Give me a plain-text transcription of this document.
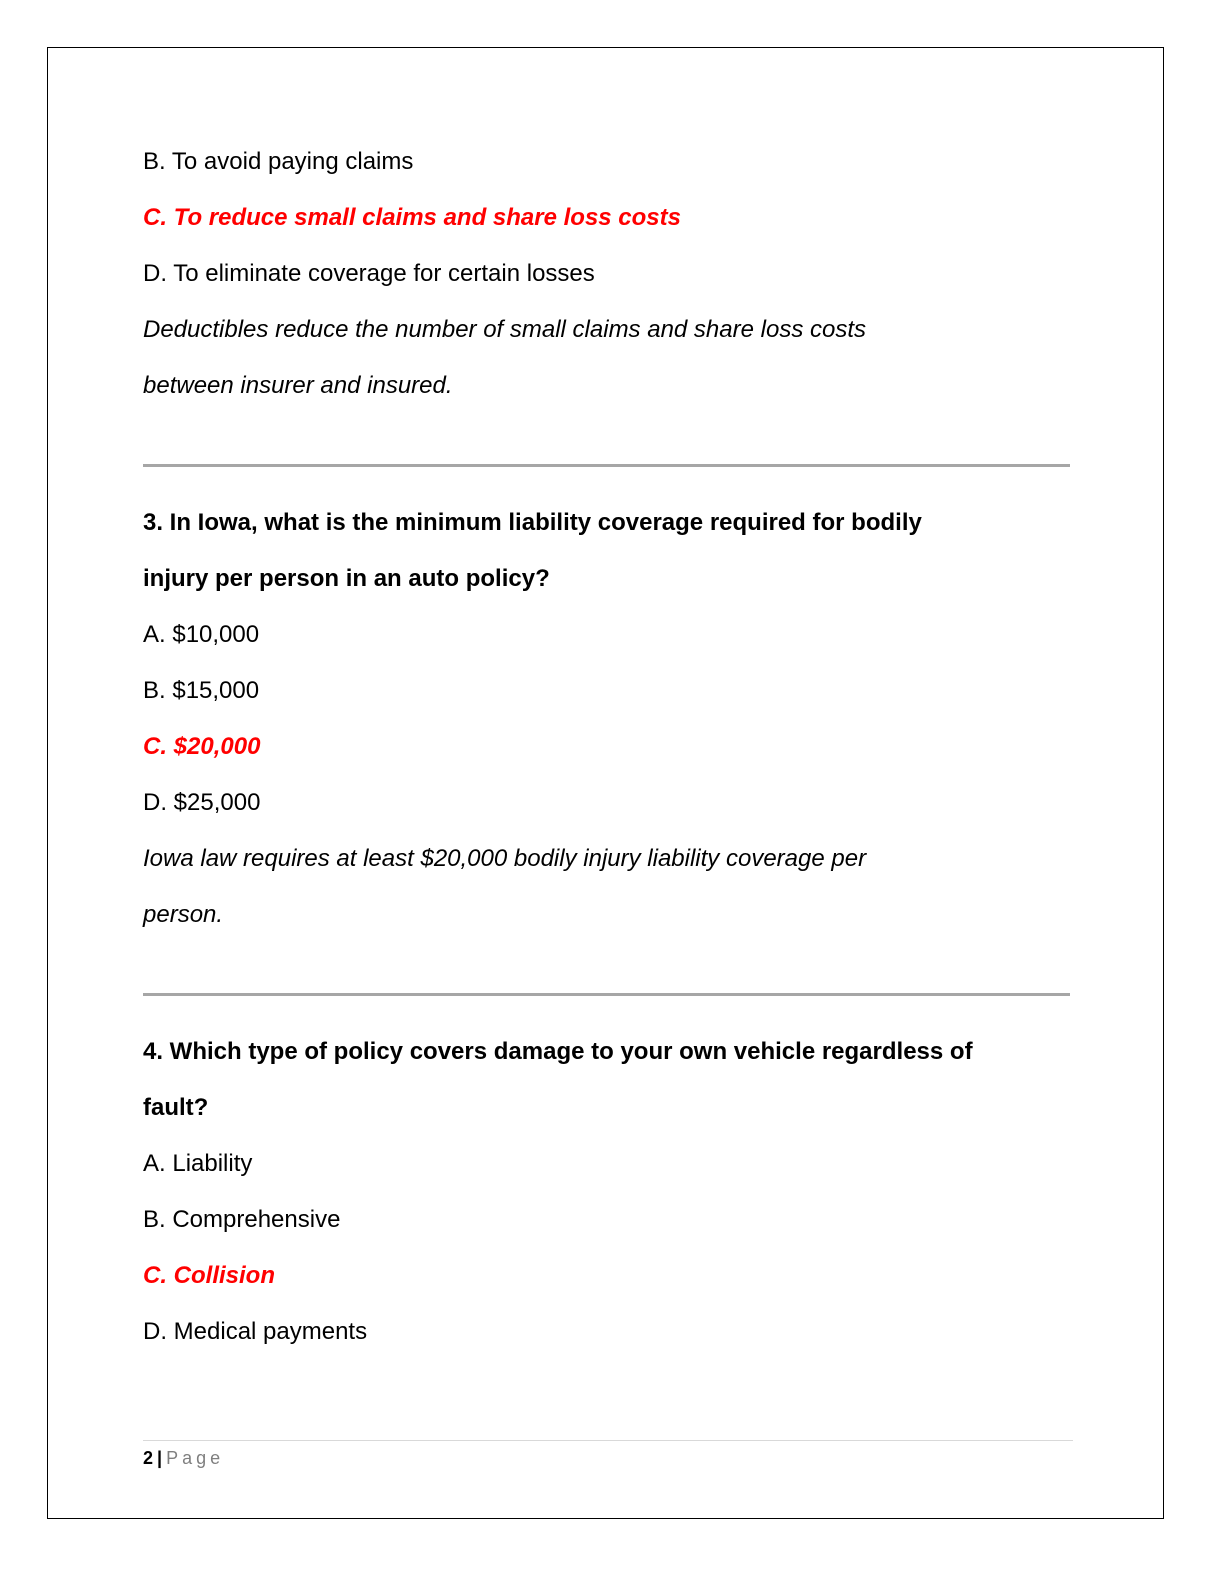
B. To avoid paying claims
C. To reduce small claims and share loss costs
D. To eliminate coverage for certain losses
Deductibles reduce the number of small claims and share loss costs
between insurer and insured.
3. In Iowa, what is the minimum liability coverage required for bodily
injury per person in an auto policy?
A. $10,000
B. $15,000
C. $20,000
D. $25,000
Iowa law requires at least $20,000 bodily injury liability coverage per
person.
4. Which type of policy covers damage to your own vehicle regardless of
fault?
A. Liability
B. Comprehensive
C. Collision
D. Medical payments
2 | Page
